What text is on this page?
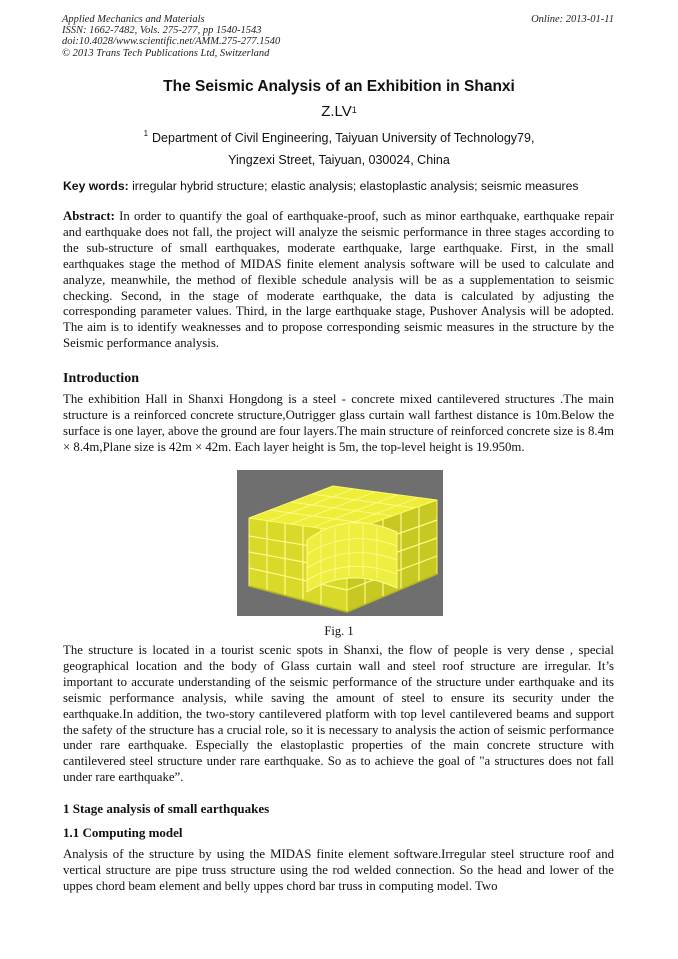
Applied Mechanics and Materials
ISSN: 1662-7482, Vols. 275-277, pp 1540-1543
doi:10.4028/www.scientific.net/AMM.275-277.1540
© 2013 Trans Tech Publications Ltd, Switzerland
Online: 2013-01-11
The Seismic Analysis of an Exhibition in Shanxi
$Z.LV^1$
$^1$ Department of Civil Engineering, Taiyuan University of Technology79,
Yingzexi Street, Taiyuan, 030024, China
Key words: irregular hybrid structure; elastic analysis; elastoplastic analysis; seismic measures

Abstract: In order to quantify the goal of earthquake-proof, such as minor earthquake, earthquake repair and earthquake does not fall, the project will analyze the seismic performance in three stages according to the sub-structure of small earthquakes, moderate earthquake, large earthquake. First, in the small earthquakes stage the method of MIDAS finite element analysis software will be used to calculate and analyze, meanwhile, the method of flexible schedule analysis will be as a supplementation to seismic checking. Second, in the stage of moderate earthquake, the data is calculated by adjusting the corresponding parameter values. Third, in the large earthquake stage, Pushover Analysis will be adopted. The aim is to identify weaknesses and to propose corresponding seismic measures in the structure by the Seismic performance analysis.

Introduction

The exhibition Hall in Shanxi Hongdong is a steel - concrete mixed cantilevered structures .The main structure is a reinforced concrete structure,Outrigger glass curtain wall farthest distance is 10m.Below the surface is one layer, above the ground are four layers.The main structure of reinforced concrete size is 8.4m × 8.4m,Plane size is 42m × 42m. Each layer height is 5m, the top-level height is 19.950m.

Fig. 1

The structure is located in a tourist scenic spots in Shanxi, the flow of people is very dense , special geographical location and the body of Glass curtain wall and steel roof structure are irregular. It’s important to accurate understanding of the seismic performance of the structure under earthquake and its seismic performance analysis, while saving the amount of steel to ensure its security under the earthquake.In addition, the two-story cantilevered platform with top level cantilevered beams and support the safety of the structure has a crucial role, so it is necessary to analysis the action of seismic performance under rare earthquake. Especially the elastoplastic properties of the main concrete structure with cantilevered steel structure under rare earthquake. So as to achieve the goal of "a structures does not fall under rare earthquake”.

1 Stage analysis of small earthquakes
1.1 Computing model

Analysis of the structure by using the MIDAS finite element software.Irregular steel structure roof and vertical structure are pipe truss structure using the rod welded connection. So the head and lower of the uppes chord beam element and belly uppes chord bar truss in computing model. Two
